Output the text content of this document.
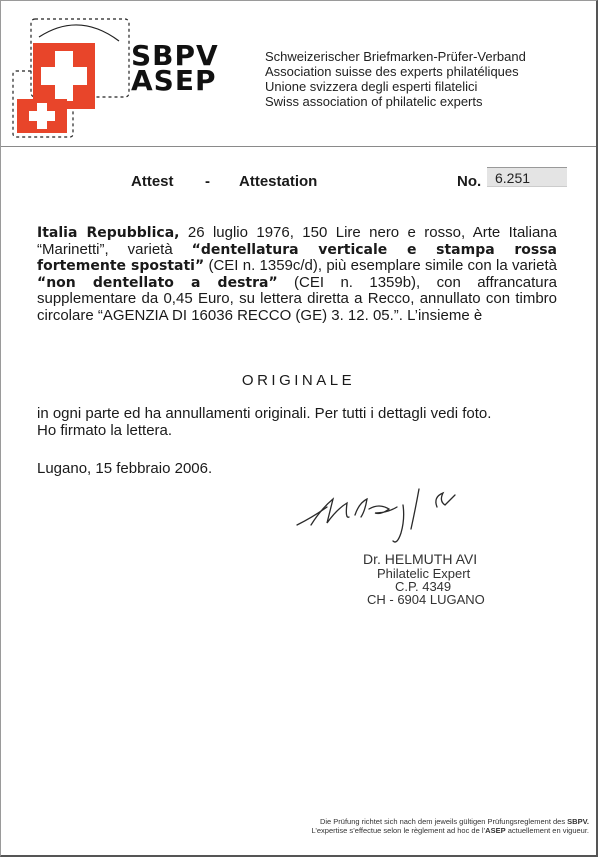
SBPV
ASEP
Schweizerischer Briefmarken-Prüfer-Verband
Association suisse des experts philatéliques
Unione svizzera degli esperti filatelici
Swiss association of philatelic experts
Attest - Attestation	No. 6.251
Italia Repubblica, 26 luglio 1976, 150 Lire nero e rosso, Arte Italiana “Marinetti”, varietà “dentellatura verticale e stampa rossa fortemente spostati” (CEI n. 1359c/d), più esemplare simile con la varietà “non dentellato a destra” (CEI n. 1359b), con affrancatura supplementare da 0,45 Euro, su lettera diretta a Recco, annullato con timbro circolare “AGENZIA DI 16036 RECCO (GE) 3. 12. 05.”. L’insieme è
ORIGINALE
in ogni parte ed ha annullamenti originali. Per tutti i dettagli vedi foto.
Ho firmato la lettera.
Lugano, 15 febbraio 2006.
Dr. HELMUTH AVI
Philatelic Expert
C.P. 4349
CH - 6904 LUGANO
Die Prüfung richtet sich nach dem jeweils gültigen Prüfungsreglement des SBPV.
L’expertise s’effectue selon le règlement ad hoc de l’ASEP actuellement en vigueur.
